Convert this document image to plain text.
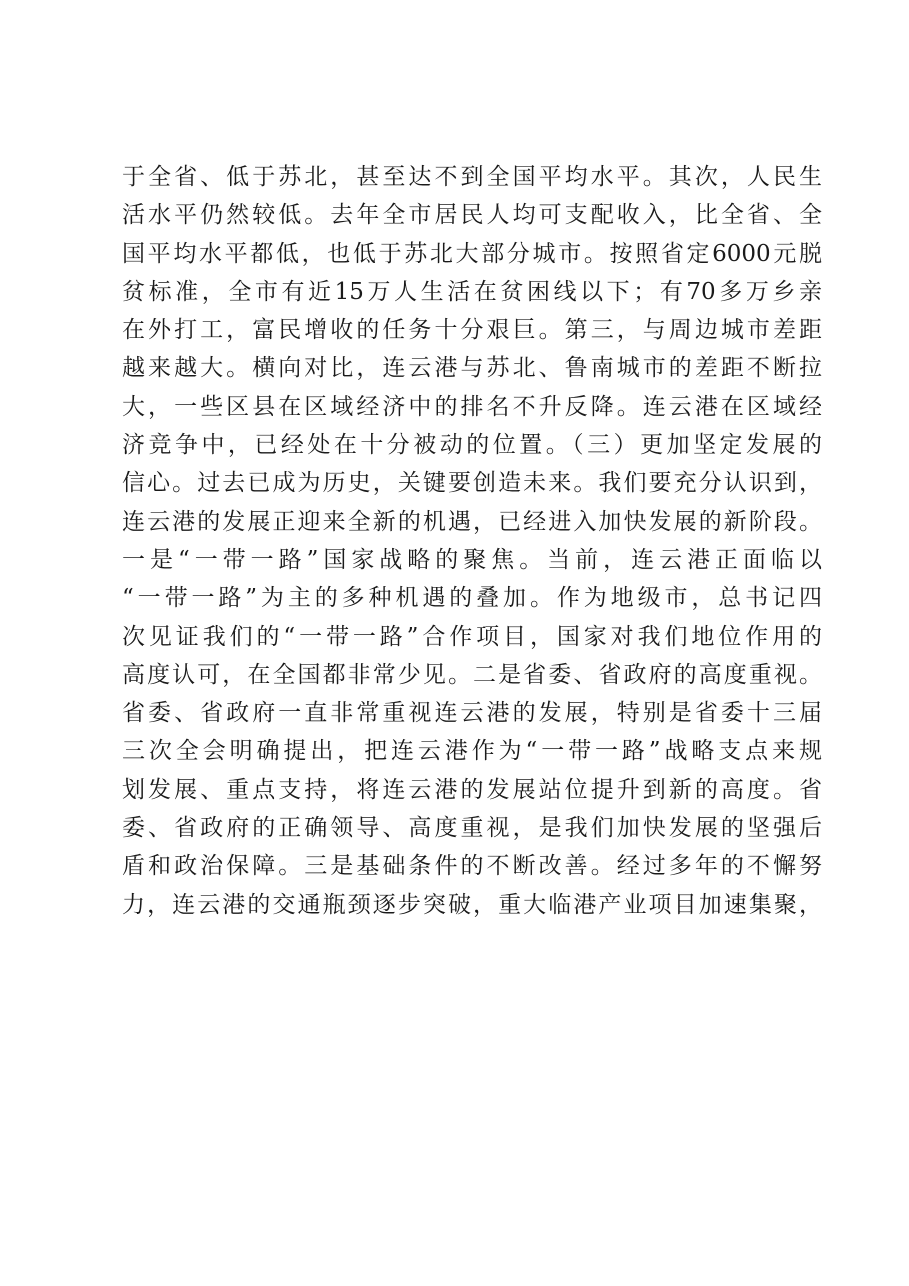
于全省、低于苏北，甚至达不到全国平均水平。其次，人民生
活水平仍然较低。去年全市居民人均可支配收入，比全省、全
国平均水平都低，也低于苏北大部分城市。按照省定6000元脱
贫标准，全市有近15万人生活在贫困线以下；有70多万乡亲
在外打工，富民增收的任务十分艰巨。第三，与周边城市差距
越来越大。横向对比，连云港与苏北、鲁南城市的差距不断拉
大，一些区县在区域经济中的排名不升反降。连云港在区域经
济竞争中，已经处在十分被动的位置。（三）更加坚定发展的
信心。过去已成为历史，关键要创造未来。我们要充分认识到，
连云港的发展正迎来全新的机遇，已经进入加快发展的新阶段。
一是“一带一路”国家战略的聚焦。当前，连云港正面临以
“一带一路”为主的多种机遇的叠加。作为地级市，总书记四
次见证我们的“一带一路”合作项目，国家对我们地位作用的
高度认可，在全国都非常少见。二是省委、省政府的高度重视。
省委、省政府一直非常重视连云港的发展，特别是省委十三届
三次全会明确提出，把连云港作为“一带一路”战略支点来规
划发展、重点支持，将连云港的发展站位提升到新的高度。省
委、省政府的正确领导、高度重视，是我们加快发展的坚强后
盾和政治保障。三是基础条件的不断改善。经过多年的不懈努
力，连云港的交通瓶颈逐步突破，重大临港产业项目加速集聚，
